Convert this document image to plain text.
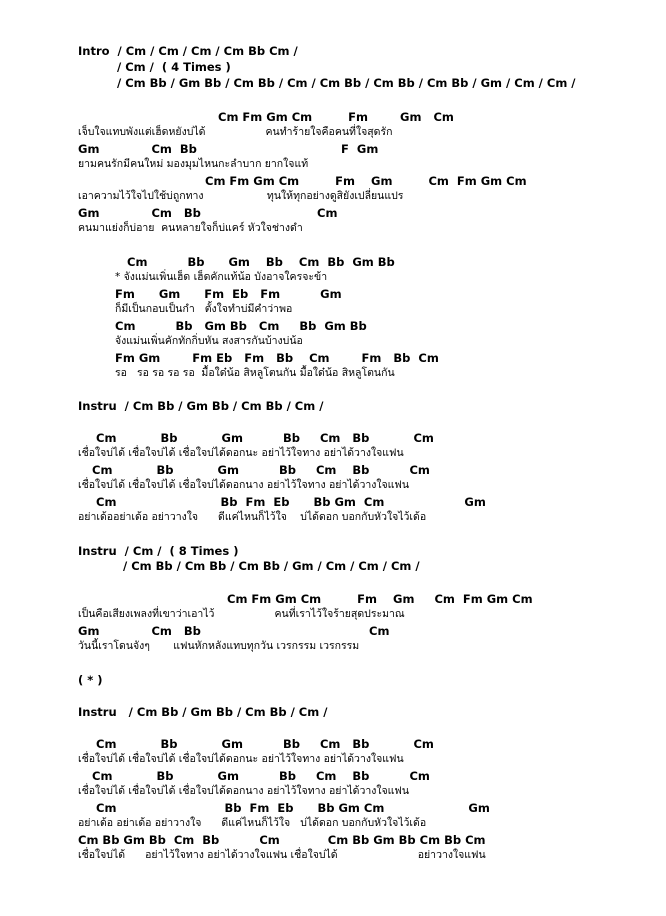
Intro  / Cm / Cm / Cm / Cm Bb Cm /
/ Cm /  ( 4 Times )
/ Cm Bb / Gm Bb / Cm Bb / Cm / Cm Bb / Cm Bb / Cm Bb / Gm / Cm / Cm /
Cm Fm Gm Cm         Fm        Gm   Cm
เจ็บใจแทบพังแต่เฮ็ดหยังบ่ได้                  คนทำร้ายใจคือคนที่ใจสุดรัก
Gm             Cm  Bb                                    F  Gm
ยามคนรักมีคนใหม่ มองมุมไหนกะลำบาก ยากใจแท้
Cm Fm Gm Cm         Fm    Gm         Cm  Fm Gm Cm
เอาความไว้ใจไปใช้บ่ถูกทาง                   ทุนให้ทุกอย่างดูสิยังเปลี่ยนแปร
Gm             Cm   Bb                             Cm
คนมาแย่งก็บ่อาย  คนหลายใจก็บ่แคร์ หัวใจช่างดำ
Cm          Bb      Gm    Bb    Cm  Bb  Gm Bb
* จังแม่นเพิ่นเฮ็ด เฮ็ดคักแท้น้อ บังอาจใครจะข้า
Fm      Gm      Fm  Eb   Fm          Gm
ก็มีเป็นกอบเป็นกำ   ตั้งใจทำบ่มีคำว่าพอ
Cm          Bb   Gm Bb   Cm     Bb  Gm Bb
จังแม่นเพิ่นคักทักกิ่บหัน สงสารกันบ้างบ่น้อ
Fm Gm        Fm Eb   Fm   Bb    Cm        Fm   Bb  Cm
รอ   รอ รอ รอ รอ  มื้อใด๋น้อ สิหลูโตนกัน มื้อใด๋น้อ สิหลูโตนกัน
Instru  / Cm Bb / Gm Bb / Cm Bb / Cm /
Cm           Bb           Gm          Bb     Cm   Bb           Cm
เชื่อใจบ่ได้ เชื่อใจบ่ได้ เชื่อใจบ่ได้ดอกนะ อย่าไว้ใจทาง อย่าได้วางใจแฟน
Cm           Bb           Gm          Bb     Cm    Bb          Cm
เชื่อใจบ่ได้ เชื่อใจบ่ได้ เชื่อใจบ่ได้ดอกนาง อย่าไว้ใจทาง อย่าได้วางใจแฟน
Cm                          Bb  Fm  Eb      Bb Gm  Cm                    Gm
อย่าเด้ออย่าเด้อ อย่าวางใจ      ดีแค่ไหนก็ไว้ใจ    บ่ได้ดอก บอกกับหัวใจไว้เด้อ
Instru  / Cm /  ( 8 Times )
/ Cm Bb / Cm Bb / Cm Bb / Gm / Cm / Cm / Cm /
Cm Fm Gm Cm         Fm    Gm     Cm  Fm Gm Cm
เป็นคือเสียงเพลงที่เขาว่าเอาไว้                  คนที่เราไว้ใจร้ายสุดประมาณ
Gm             Cm   Bb                                          Cm
วันนี้เราโดนจังๆ       แฟนหักหลังแทบทุกวัน เวรกรรม เวรกรรม
( * )
Instru   / Cm Bb / Gm Bb / Cm Bb / Cm /
Cm           Bb           Gm          Bb     Cm   Bb           Cm
เชื่อใจบ่ได้ เชื่อใจบ่ได้ เชื่อใจบ่ได้ดอกนะ อย่าไว้ใจทาง อย่าได้วางใจแฟน
Cm           Bb           Gm          Bb     Cm    Bb          Cm
เชื่อใจบ่ได้ เชื่อใจบ่ได้ เชื่อใจบ่ได้ดอกนาง อย่าไว้ใจทาง อย่าได้วางใจแฟน
Cm                           Bb  Fm  Eb      Bb Gm Cm                     Gm
อย่าเด้อ อย่าเด้อ อย่าวางใจ      ดีแค่ไหนก็ไว้ใจ   บ่ได้ดอก บอกกับหัวใจไว้เด้อ
Cm Bb Gm Bb  Cm  Bb          Cm            Cm Bb Gm Bb Cm Bb Cm
เชื่อใจบ่ได้      อย่าไว้ใจทาง อย่าได้วางใจแฟน เชื่อใจบ่ได้                        อย่าวางใจแฟน
